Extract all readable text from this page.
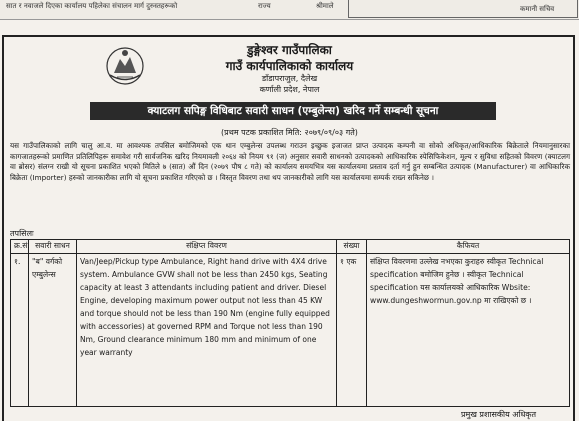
सात र नवाजले दिएका कार्यालय पहिलेका संचालन मार्ग दुरुस्तहरूको	राज्य	श्रीमाले	कमानी सचिव
डुङ्गेश्वर गाउँपालिका
गाउँ कार्यपालिकाको कार्यालय
डाँडापराजुल, दैलेख
कर्णाली प्रदेश, नेपाल
क्याटलग सपिङ्ग विधिबाट सवारी साधन (एम्बुलेन्स) खरिद गर्ने सम्बन्धी सूचना
(प्रथम पटक प्रकाशित मिति: २०७९/०९/०३ गते)
यस गाउँपालिकाको लागि चालु आ.व. मा आवश्यक तपसिल बमोजिमको एक थान एम्बुलेन्स उपलब्ध गराउन इच्छुक इजाजत प्राप्त उत्पादक कम्पनी वा सोको अधिकृत/आधिकारिक बिक्रेताले नियमानुसारका कागजातहरूको प्रमाणित प्रतिलिपिहरू समावेश गरी सार्वजनिक खरिद नियमावली २०६४ को नियम ९१ (ज) अनुसार सवारी साधनको उत्पादकको आधिकारिक स्पेसिफिकेशन, मूल्य र सुविधा सहितको विवरण (क्याटलग वा ब्रोसर) संलग्न राखी यो सूचना प्रकाशित भएको मितिले ७ (सात) औं दिन (२०७९ पौष ८ गते) को कार्यालय समयभित्र यस कार्यालयमा प्रस्ताव दर्ता गर्नु हुन सम्बन्धित उत्पादक (Manufacturer) वा आधिकारिक बिक्रेता (Importer) हरुको जानकारीका लागि यो सूचना प्रकाशित गरिएको छ । विस्तृत विवरण तथा थप जानकारीको लागि यस कार्यालयमा सम्पर्क राख्न सकिनेछ ।
तपसिलः
क्र.सं.	सवारी साधन	संक्षिप्त विवरण	संख्या	कैफियत
१.	"ब" वर्गको एम्बुलेन्स	Van/Jeep/Pickup type Ambulance, Right hand drive with 4X4 drive system. Ambulance GVW shall not be less than 2450 kgs, Seating capacity at least 3 attendants including patient and driver. Diesel Engine, developing maximum power output not less than 45 KW and torque should not be less than 190 Nm (engine fully equipped with accessories) at governed RPM and Torque not less than 190 Nm, Ground clearance minimum 180 mm and minimum of one year warranty	१ एक	संक्षिप्त विवरणमा उल्लेख नभएका कुराहरु स्वीकृत Technical specification बमोजिम हुनेछ । स्वीकृत Technical specification यस कार्यालयको आधिकारिक Wbsite: www.dungeshwormun.gov.np मा राखिएको छ ।
प्रमुख प्रशासकीय अधिकृत
